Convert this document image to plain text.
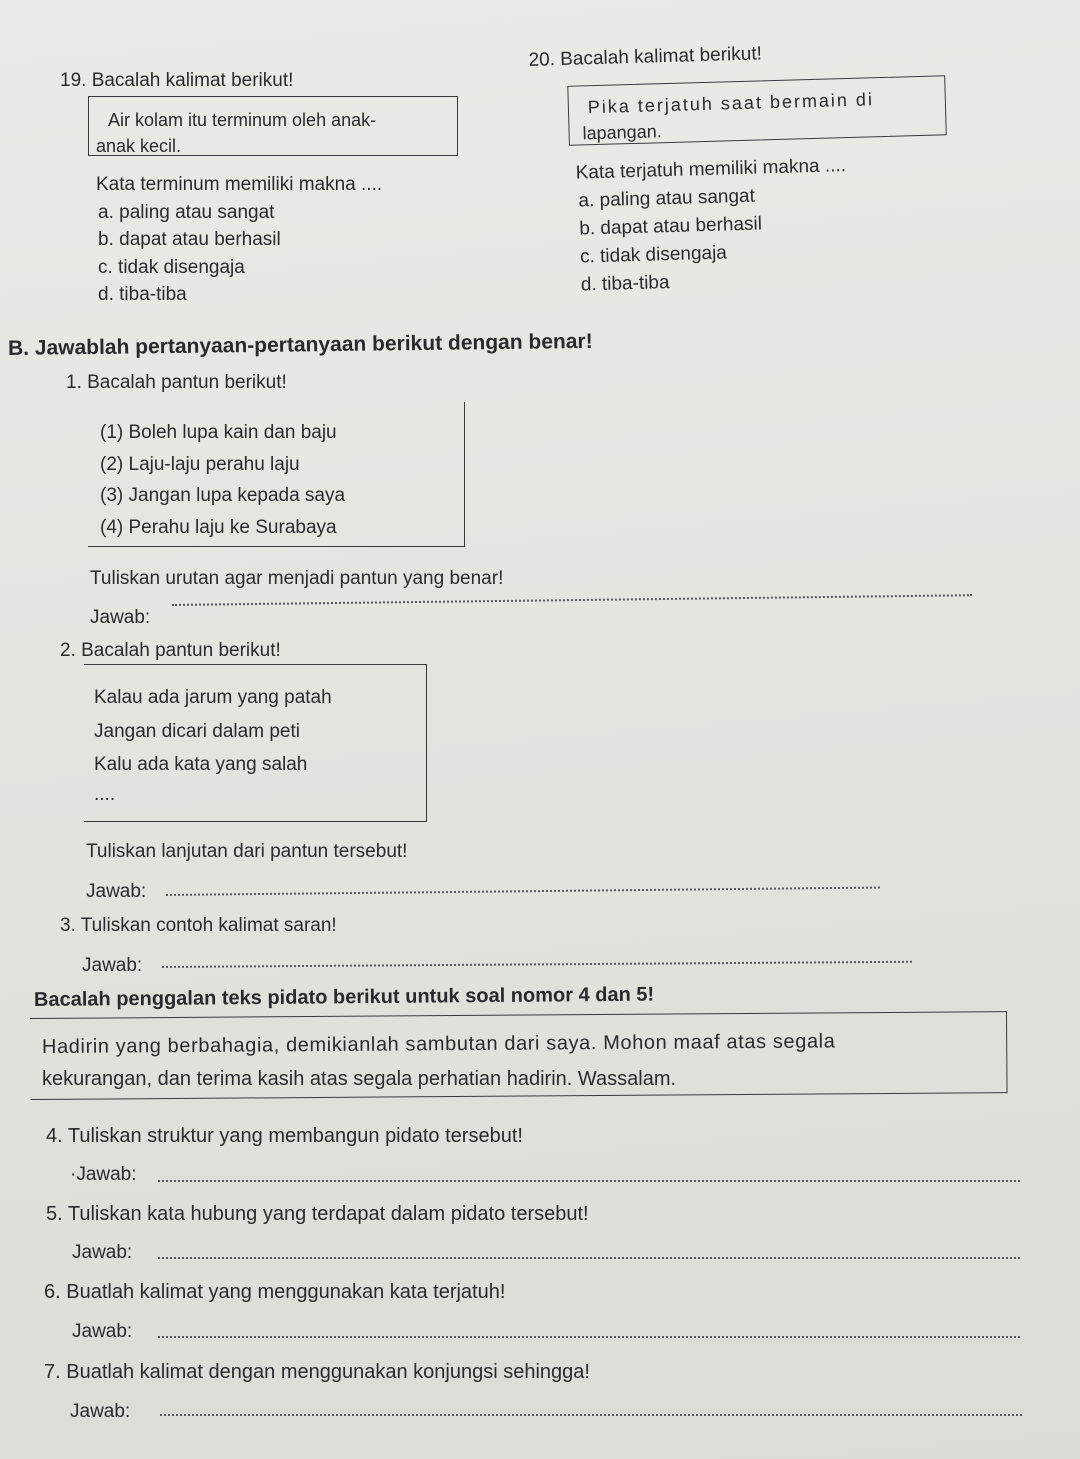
19. Bacalah kalimat berikut!
Air kolam itu terminum oleh anak-
anak kecil.
Kata terminum memiliki makna ....
a. paling atau sangat
b. dapat atau berhasil
c. tidak disengaja
d. tiba-tiba
20. Bacalah kalimat berikut!
Pika terjatuh saat bermain di
lapangan.
Kata terjatuh memiliki makna ....
a. paling atau sangat
b. dapat atau berhasil
c. tidak disengaja
d. tiba-tiba
B. Jawablah pertanyaan-pertanyaan berikut dengan benar!
1. Bacalah pantun berikut!
(1) Boleh lupa kain dan baju
(2) Laju-laju perahu laju
(3) Jangan lupa kepada saya
(4) Perahu laju ke Surabaya
Tuliskan urutan agar menjadi pantun yang benar!
Jawab:
2. Bacalah pantun berikut!
Kalau ada jarum yang patah
Jangan dicari dalam peti
Kalu ada kata yang salah
....
Tuliskan lanjutan dari pantun tersebut!
Jawab:
3. Tuliskan contoh kalimat saran!
Jawab:
Bacalah penggalan teks pidato berikut untuk soal nomor 4 dan 5!
Hadirin yang berbahagia, demikianlah sambutan dari saya. Mohon maaf atas segala
kekurangan, dan terima kasih atas segala perhatian hadirin. Wassalam.
4. Tuliskan struktur yang membangun pidato tersebut!
·Jawab:
5. Tuliskan kata hubung yang terdapat dalam pidato tersebut!
Jawab:
6. Buatlah kalimat yang menggunakan kata terjatuh!
Jawab:
7. Buatlah kalimat dengan menggunakan konjungsi sehingga!
Jawab:
